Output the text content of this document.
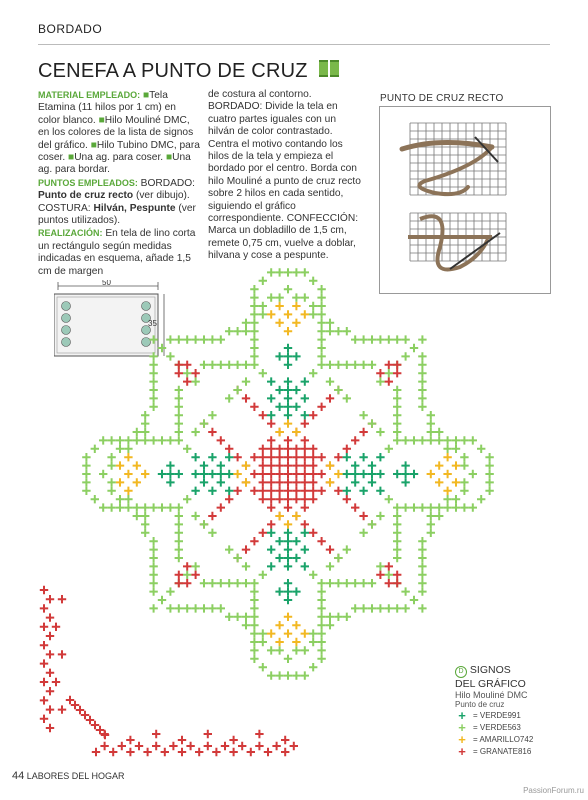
BORDADO
CENEFA A PUNTO DE CRUZ
MATERIAL EMPLEADO: ■Tela Etamina (11 hilos por 1 cm) en color blanco. ■Hilo Mouliné DMC, en los colores de la lista de signos del gráfico. ■Hilo Tubino DMC, para coser. ■Una ag. para coser. ■Una ag. para bordar.
PUNTOS EMPLEADOS: BORDADO: Punto de cruz recto (ver dibujo). COSTURA: Hilván, Pespunte (ver puntos utilizados).
REALIZACIÓN: En tela de lino corta un rectángulo según medidas indicadas en esquema, añade 1,5 cm de margen
de costura al contorno. BORDADO: Divide la tela en cuatro partes iguales con un hilván de color contrastado. Centra el motivo contando los hilos de la tela y empieza el bordado por el centro. Borda con hilo Mouliné a punto de cruz recto sobre 2 hilos en cada sentido, siguiendo el gráfico correspondiente. CONFECCIÓN: Marca un dobladillo de 1,5 cm, remete 0,75 cm, vuelve a doblar, hilvana y cose a pespunte.
PUNTO DE CRUZ RECTO
50
35
D SIGNOS
DEL GRÁFICO
Hilo Mouliné DMC
Punto de cruz
+ = VERDE 991
+ = VERDE 563
+ = AMARILLO 742
+ = GRANATE 816
44 LABORES DEL HOGAR
PassionForum.ru
